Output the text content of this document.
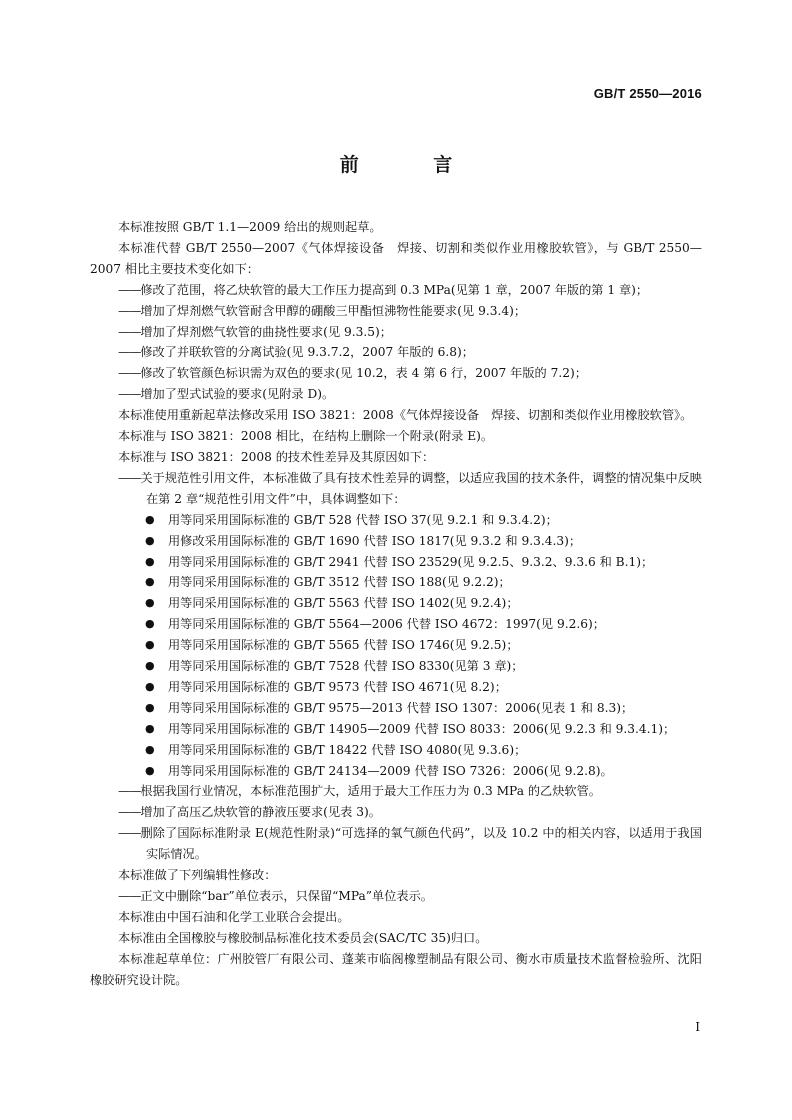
GB/T 2550—2016
前 言

本标准按照 GB/T 1.1—2009 给出的规则起草。

本标准代替 GB/T 2550—2007《气体焊接设备　焊接、切割和类似作业用橡胶软管》，与 GB/T 2550—2007 相比主要技术变化如下：

——修改了范围，将乙炔软管的最大工作压力提高到 0.3 MPa(见第 1 章，2007 年版的第 1 章)；

——增加了焊剂燃气软管耐含甲醇的硼酸三甲酯恒沸物性能要求(见 9.3.4)；

——增加了焊剂燃气软管的曲挠性要求(见 9.3.5)；

——修改了并联软管的分离试验(见 9.3.7.2，2007 年版的 6.8)；

——修改了软管颜色标识需为双色的要求(见 10.2，表 4 第 6 行，2007 年版的 7.2)；

——增加了型式试验的要求(见附录 D)。

本标准使用重新起草法修改采用 ISO 3821：2008《气体焊接设备　焊接、切割和类似作业用橡胶软管》。

本标准与 ISO 3821：2008 相比，在结构上删除一个附录(附录 E)。

本标准与 ISO 3821：2008 的技术性差异及其原因如下：

——关于规范性引用文件，本标准做了具有技术性差异的调整，以适应我国的技术条件，调整的情况集中反映在第 2 章“规范性引用文件”中，具体调整如下：

● 用等同采用国际标准的 GB/T 528 代替 ISO 37(见 9.2.1 和 9.3.4.2)；
● 用修改采用国际标准的 GB/T 1690 代替 ISO 1817(见 9.3.2 和 9.3.4.3)；
● 用等同采用国际标准的 GB/T 2941 代替 ISO 23529(见 9.2.5、9.3.2、9.3.6 和 B.1)；
● 用等同采用国际标准的 GB/T 3512 代替 ISO 188(见 9.2.2)；
● 用等同采用国际标准的 GB/T 5563 代替 ISO 1402(见 9.2.4)；
● 用等同采用国际标准的 GB/T 5564—2006 代替 ISO 4672：1997(见 9.2.6)；
● 用等同采用国际标准的 GB/T 5565 代替 ISO 1746(见 9.2.5)；
● 用等同采用国际标准的 GB/T 7528 代替 ISO 8330(见第 3 章)；
● 用等同采用国际标准的 GB/T 9573 代替 ISO 4671(见 8.2)；
● 用等同采用国际标准的 GB/T 9575—2013 代替 ISO 1307：2006(见表 1 和 8.3)；
● 用等同采用国际标准的 GB/T 14905—2009 代替 ISO 8033：2006(见 9.2.3 和 9.3.4.1)；
● 用等同采用国际标准的 GB/T 18422 代替 ISO 4080(见 9.3.6)；
● 用等同采用国际标准的 GB/T 24134—2009 代替 ISO 7326：2006(见 9.2.8)。

——根据我国行业情况，本标准范围扩大，适用于最大工作压力为 0.3 MPa 的乙炔软管。

——增加了高压乙炔软管的静液压要求(见表 3)。

——删除了国际标准附录 E(规范性附录)“可选择的氧气颜色代码”，以及 10.2 中的相关内容，以适用于我国实际情况。

本标准做了下列编辑性修改：

——正文中删除“bar”单位表示，只保留“MPa”单位表示。

本标准由中国石油和化学工业联合会提出。

本标准由全国橡胶与橡胶制品标准化技术委员会(SAC/TC 35)归口。

本标准起草单位：广州胶管厂有限公司、蓬莱市临阁橡塑制品有限公司、衡水市质量技术监督检验所、沈阳橡胶研究设计院。

I
